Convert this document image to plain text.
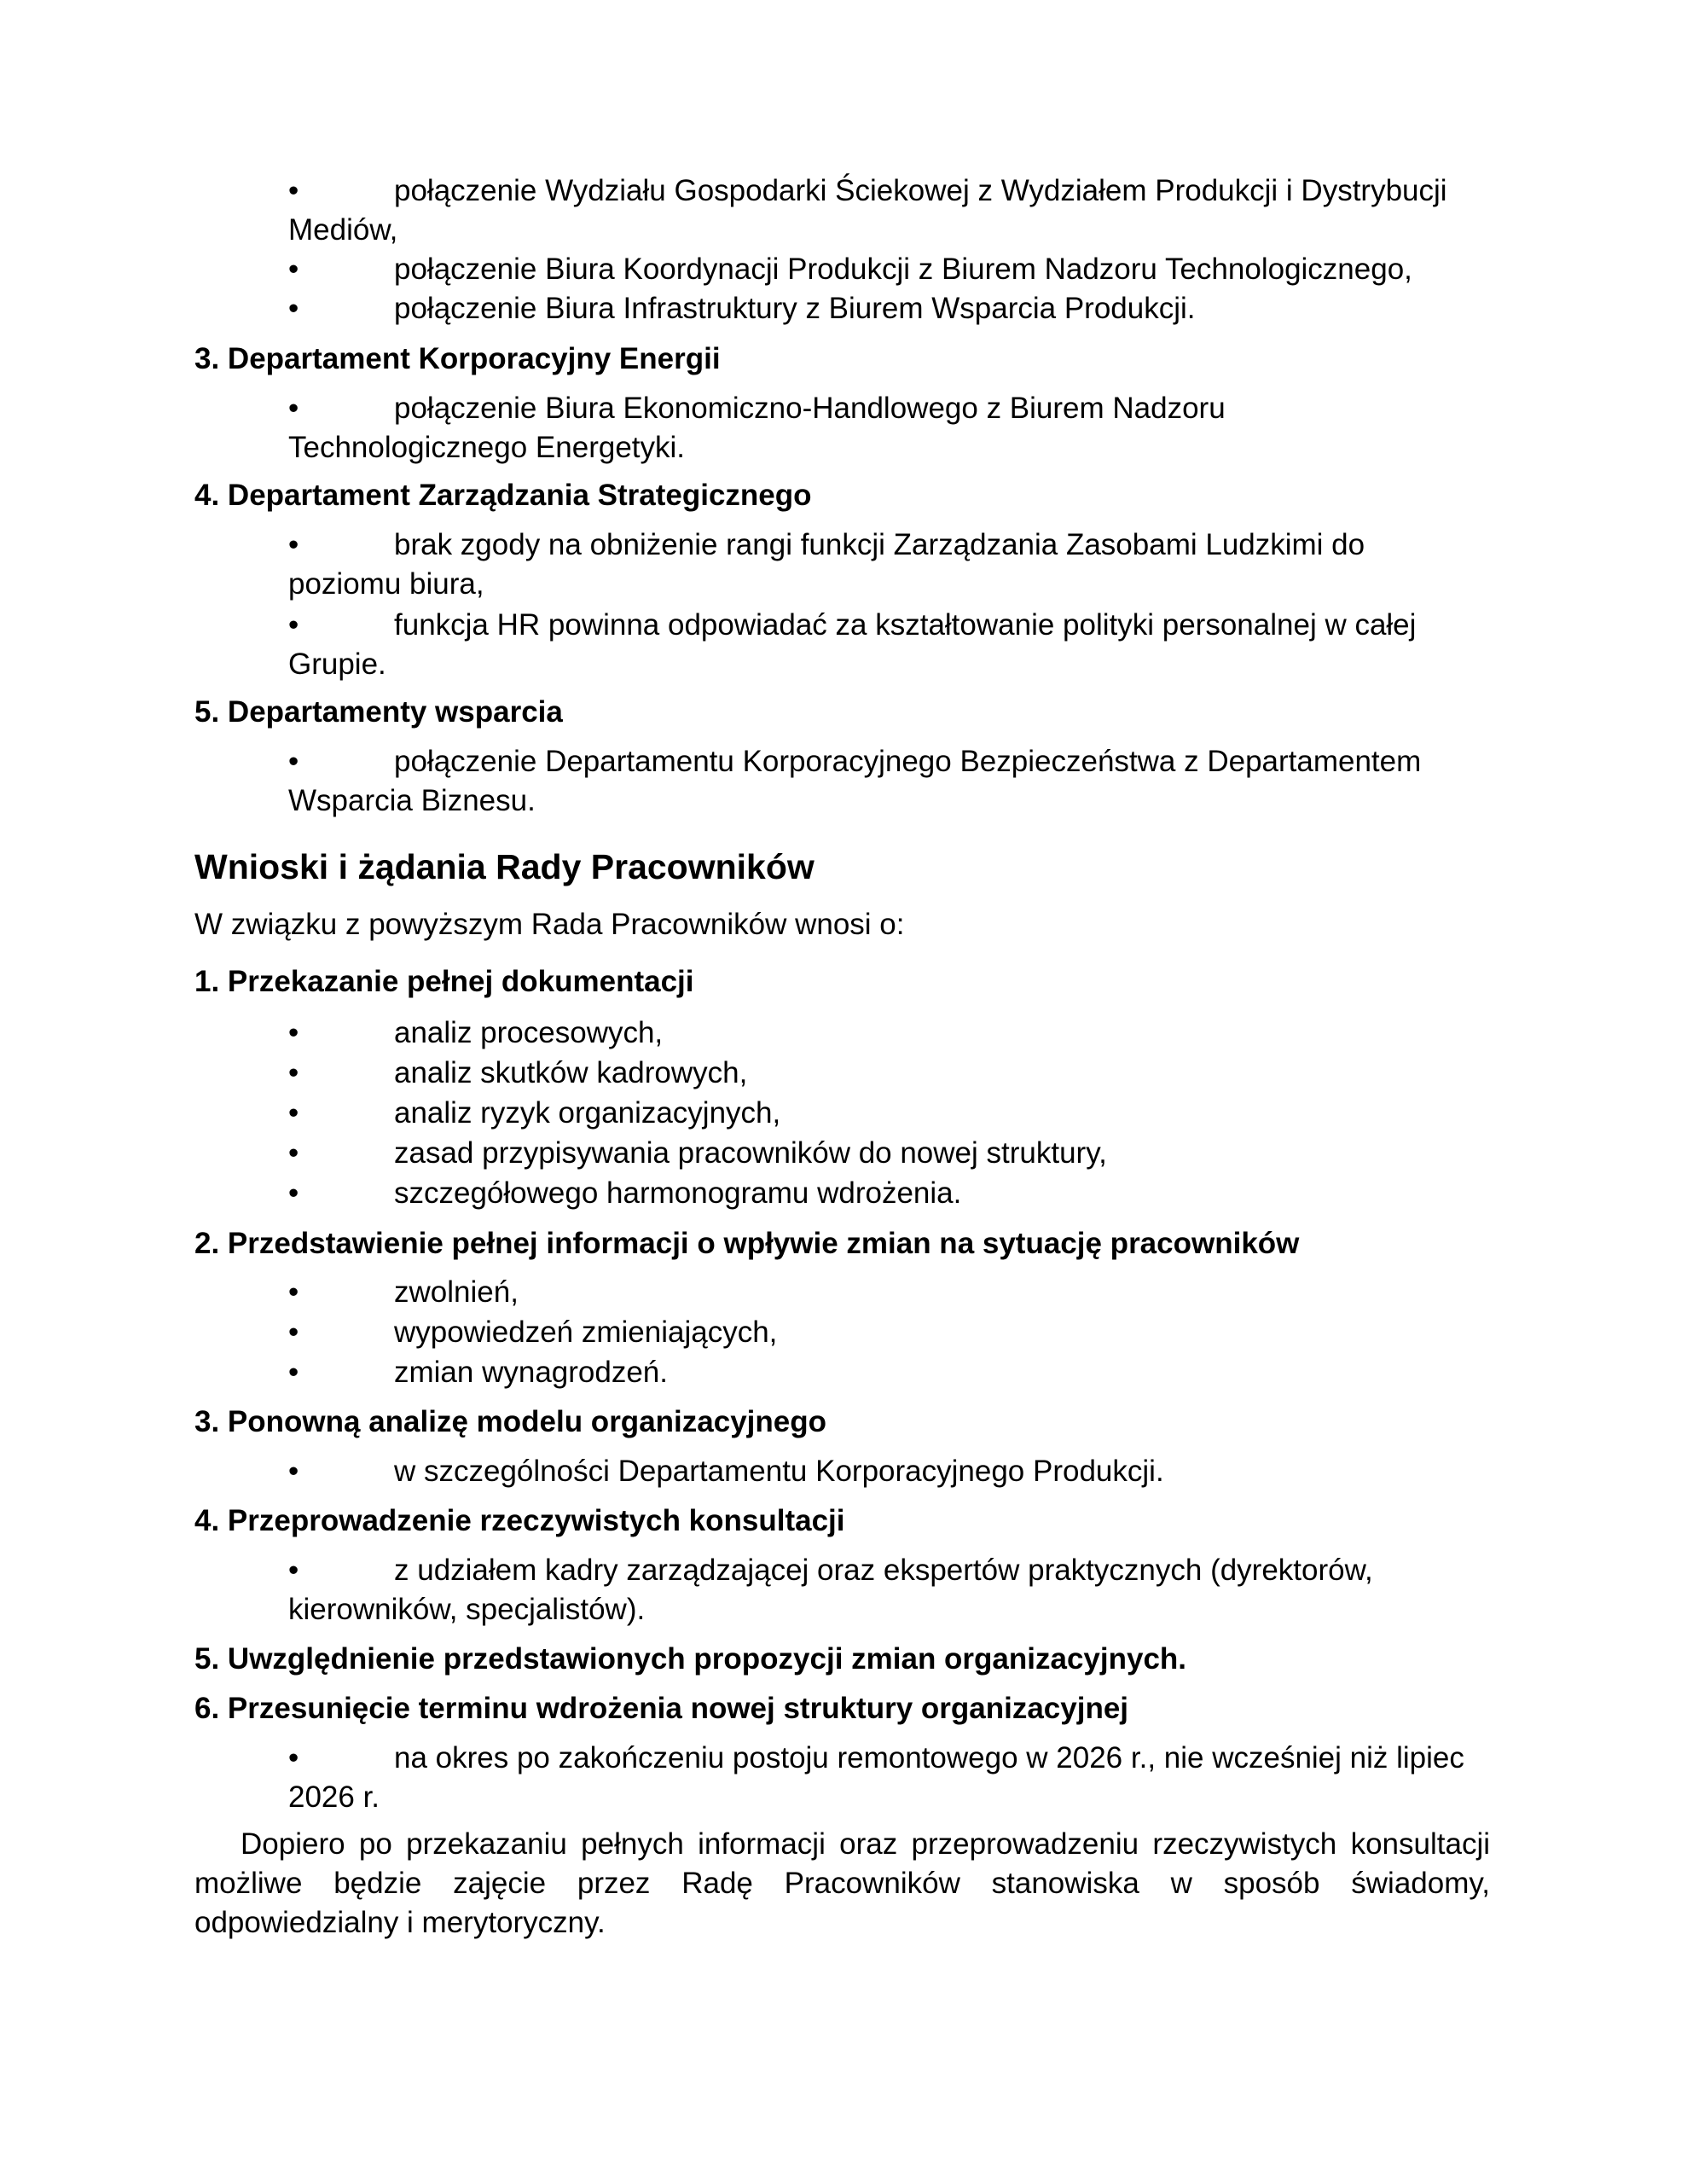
•	połączenie Wydziału Gospodarki Ściekowej z Wydziałem Produkcji i Dystrybucji
Mediów,
•	połączenie Biura Koordynacji Produkcji z Biurem Nadzoru Technologicznego,
•	połączenie Biura Infrastruktury z Biurem Wsparcia Produkcji.
3. Departament Korporacyjny Energii
•	połączenie Biura Ekonomiczno-Handlowego z Biurem Nadzoru
Technologicznego Energetyki.
4. Departament Zarządzania Strategicznego
•	brak zgody na obniżenie rangi funkcji Zarządzania Zasobami Ludzkimi do
poziomu biura,
•	funkcja HR powinna odpowiadać za kształtowanie polityki personalnej w całej
Grupie.
5. Departamenty wsparcia
•	połączenie Departamentu Korporacyjnego Bezpieczeństwa z Departamentem
Wsparcia Biznesu.
Wnioski i żądania Rady Pracowników
W związku z powyższym Rada Pracowników wnosi o:
1. Przekazanie pełnej dokumentacji
•	analiz procesowych,
•	analiz skutków kadrowych,
•	analiz ryzyk organizacyjnych,
•	zasad przypisywania pracowników do nowej struktury,
•	szczegółowego harmonogramu wdrożenia.
2. Przedstawienie pełnej informacji o wpływie zmian na sytuację pracowników
•	zwolnień,
•	wypowiedzeń zmieniających,
•	zmian wynagrodzeń.
3. Ponowną analizę modelu organizacyjnego
•	w szczególności Departamentu Korporacyjnego Produkcji.
4. Przeprowadzenie rzeczywistych konsultacji
•	z udziałem kadry zarządzającej oraz ekspertów praktycznych (dyrektorów,
kierowników, specjalistów).
5. Uwzględnienie przedstawionych propozycji zmian organizacyjnych.
6. Przesunięcie terminu wdrożenia nowej struktury organizacyjnej
•	na okres po zakończeniu postoju remontowego w 2026 r., nie wcześniej niż lipiec
2026 r.
Dopiero po przekazaniu pełnych informacji oraz przeprowadzeniu rzeczywistych konsultacji możliwe będzie zajęcie przez Radę Pracowników stanowiska w sposób świadomy, odpowiedzialny i merytoryczny.
